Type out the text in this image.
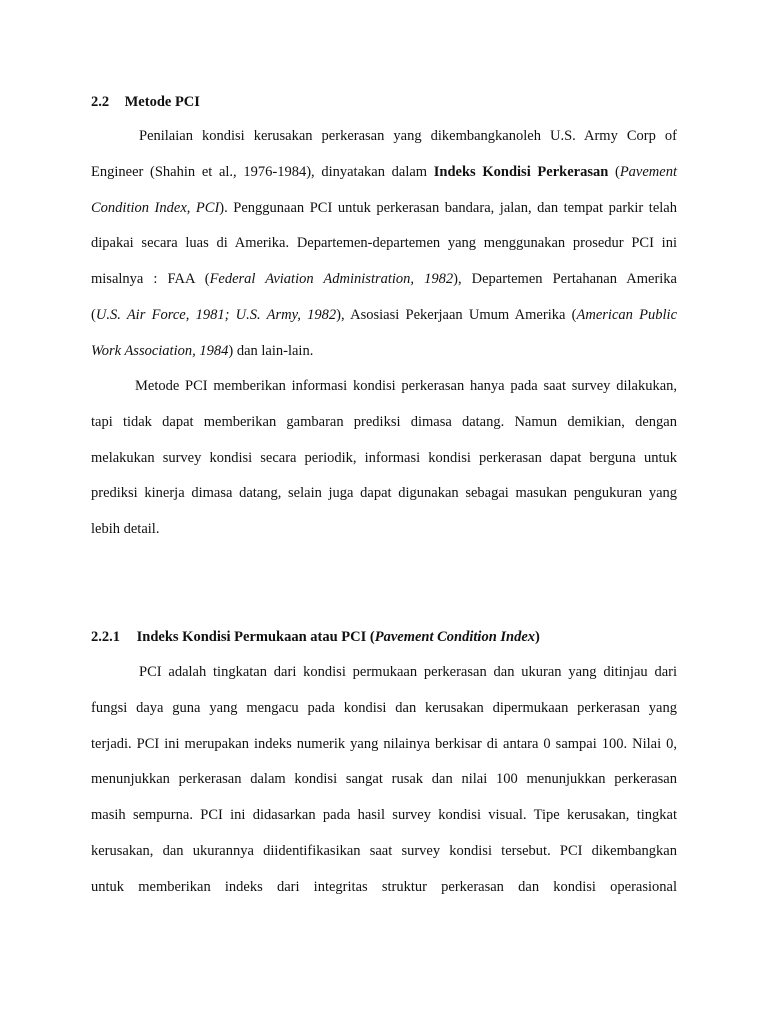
2.2 Metode PCI
Penilaian kondisi kerusakan perkerasan yang dikembangkanoleh U.S. Army Corp of
Engineer (Shahin et al., 1976-1984), dinyatakan dalam Indeks Kondisi Perkerasan (Pavement
Condition Index, PCI). Penggunaan PCI untuk perkerasan bandara, jalan, dan tempat parkir telah
dipakai secara luas di Amerika. Departemen-departemen yang menggunakan prosedur PCI ini
misalnya : FAA (Federal Aviation Administration, 1982), Departemen Pertahanan Amerika
(U.S. Air Force, 1981; U.S. Army, 1982), Asosiasi Pekerjaan Umum Amerika (American Public
Work Association, 1984) dan lain-lain.
Metode PCI memberikan informasi kondisi perkerasan hanya pada saat survey dilakukan,
tapi tidak dapat memberikan gambaran prediksi dimasa datang. Namun demikian, dengan
melakukan survey kondisi secara periodik, informasi kondisi perkerasan dapat berguna untuk
prediksi kinerja dimasa datang, selain juga dapat digunakan sebagai masukan pengukuran yang
lebih detail.
2.2.1 Indeks Kondisi Permukaan atau PCI (Pavement Condition Index)
PCI adalah tingkatan dari kondisi permukaan perkerasan dan ukuran yang ditinjau dari
fungsi daya guna yang mengacu pada kondisi dan kerusakan dipermukaan perkerasan yang
terjadi. PCI ini merupakan indeks numerik yang nilainya berkisar di antara 0 sampai 100. Nilai 0,
menunjukkan perkerasan dalam kondisi sangat rusak dan nilai 100 menunjukkan perkerasan
masih sempurna. PCI ini didasarkan pada hasil survey kondisi visual. Tipe kerusakan, tingkat
kerusakan, dan ukurannya diidentifikasikan saat survey kondisi tersebut. PCI dikembangkan
untuk memberikan indeks dari integritas struktur perkerasan dan kondisi operasional
